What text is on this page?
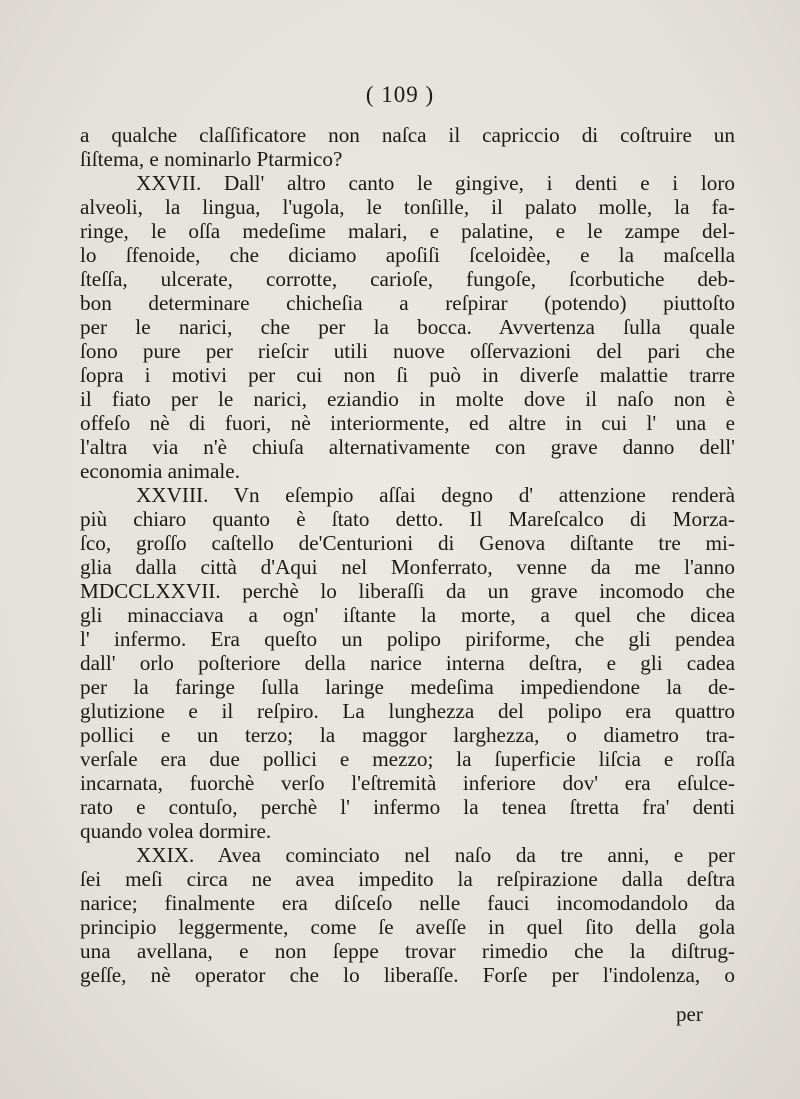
( 109 )
a qualche claſſificatore non naſca il capriccio di coſtruire un
ſiſtema, e nominarlo Ptarmico?
XXVII. Dall' altro canto le gingive, i denti e i loro
alveoli, la lingua, l'ugola, le tonſille, il palato molle, la fa-
ringe, le oſſa medeſime malari, e palatine, e le zampe del-
lo ſfenoide, che diciamo apoſiſi ſceloidèe, e la maſcella
ſteſſa, ulcerate, corrotte, carioſe, fungoſe, ſcorbutiche deb-
bon determinare chicheſia a reſpirar (potendo) piuttoſto
per le narici, che per la bocca. Avvertenza ſulla quale
ſono pure per rieſcir utili nuove oſſervazioni del pari che
ſopra i motivi per cui non ſi può in diverſe malattie trarre
il fiato per le narici, eziandio in molte dove il naſo non è
offeſo nè di fuori, nè interiormente, ed altre in cui l' una e
l'altra via n'è chiuſa alternativamente con grave danno dell'
economia animale.
XXVIII. Vn eſempio aſſai degno d' attenzione renderà
più chiaro quanto è ſtato detto. Il Mareſcalco di Morza-
ſco, groſſo caſtello de'Centurioni di Genova diſtante tre mi-
glia dalla città d'Aqui nel Monferrato, venne da me l'anno
MDCCLXXVII. perchè lo liberaſſi da un grave incomodo che
gli minacciava a ogn' iſtante la morte, a quel che dicea
l' infermo. Era queſto un polipo piriforme, che gli pendea
dall' orlo poſteriore della narice interna deſtra, e gli cadea
per la faringe ſulla laringe medeſima impediendone la de-
glutizione e il reſpiro. La lunghezza del polipo era quattro
pollici e un terzo; la maggor larghezza, o diametro tra-
verſale era due pollici e mezzo; la ſuperficie liſcia e roſſa
incarnata, fuorchè verſo l'eſtremità inferiore dov' era eſulce-
rato e contuſo, perchè l' infermo la tenea ſtretta fra' denti
quando volea dormire.
XXIX. Avea cominciato nel naſo da tre anni, e per
ſei meſi circa ne avea impedito la reſpirazione dalla deſtra
narice; finalmente era diſceſo nelle fauci incomodandolo da
principio leggermente, come ſe aveſſe in quel ſito della gola
una avellana, e non ſeppe trovar rimedio che la diſtrug-
geſſe, nè operator che lo liberaſſe. Forſe per l'indolenza, o
per
